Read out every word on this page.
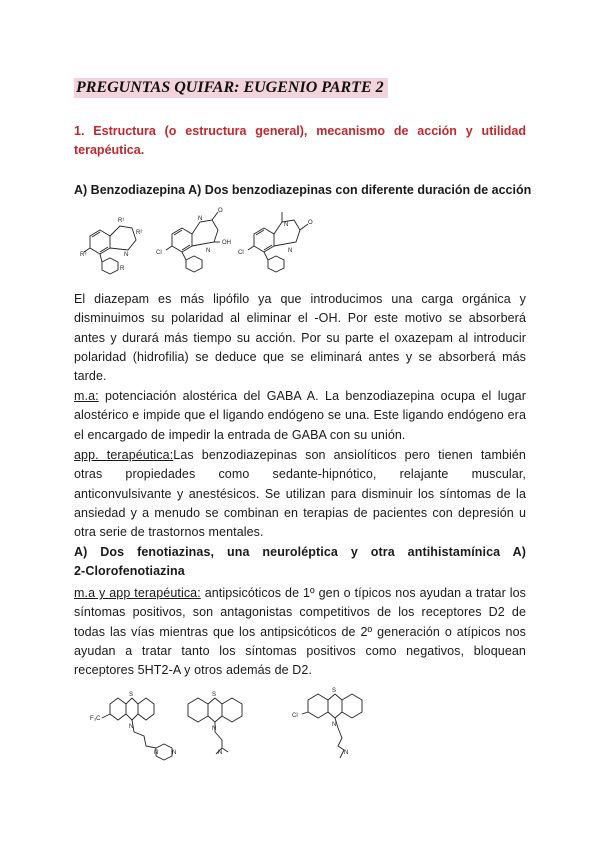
PREGUNTAS QUIFAR: EUGENIO PARTE 2
1. Estructura (o estructura general), mecanismo de acción y utilidad
terapéutica.
A) Benzodiazepina A) Dos benzodiazepinas con diferente duración de acción
R³
R¹
R²
N
R
Cl
N
O
OH
N	Cl
N	O
N
El diazepam es más lipófilo ya que introducimos una carga orgánica y
disminuimos su polaridad al eliminar el -OH. Por este motivo se absorberá
antes y durará más tiempo su acción. Por su parte el oxazepam al introducir
polaridad (hidrofilia) se deduce que se eliminará antes y se absorberá más
tarde.
m.a: potenciación alostérica del GABA A. La benzodiazepina ocupa el lugar
alostérico e impide que el ligando endógeno se una. Este ligando endógeno era
el encargado de impedir la entrada de GABA con su unión.
app. terapéutica:Las benzodiazepinas son ansiolíticos pero tienen también
otras propiedades como sedante-hipnótico, relajante muscular,
anticonvulsivante y anestésicos. Se utilizan para disminuir los síntomas de la
ansiedad y a menudo se combinan en terapias de pacientes con depresión u
otra serie de trastornos mentales.
A) Dos fenotiazinas, una neuroléptica y otra antihistamínica A)
2-Clorofenotiazina
m.a y app terapéutica: antipsicóticos de 1º gen o típicos nos ayudan a tratar los
síntomas positivos, son antagonistas competitivos de los receptores D2 de
todas las vías mientras que los antipsicóticos de 2º generación o atípicos nos
ayudan a tratar tanto los síntomas positivos como negativos, bloquean
receptores 5HT2-A y otros además de D2.
F₃C
S
N
N N
S
N
N
Cl
S
N
N
